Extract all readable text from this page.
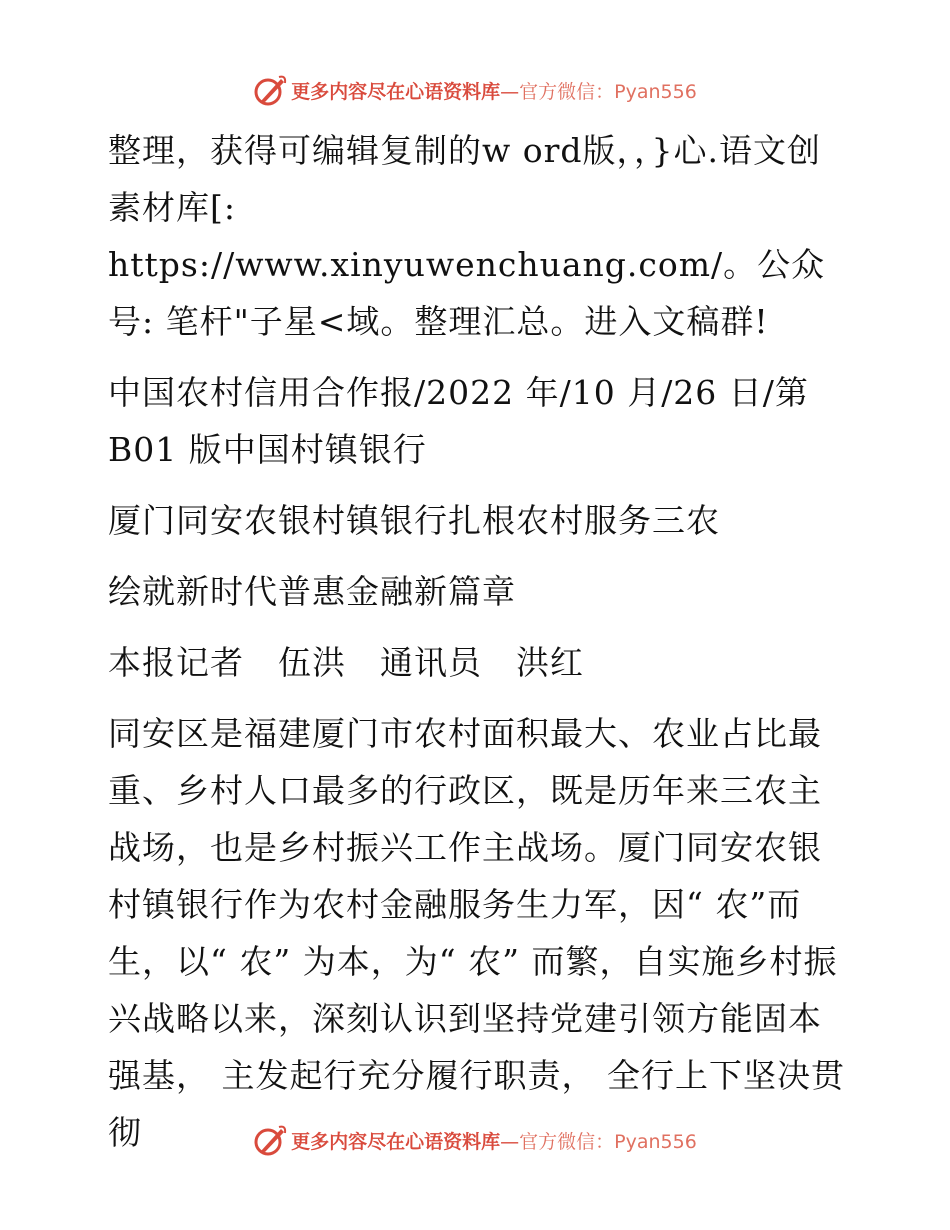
更多内容尽在心语资料库—官方微信：Pyan556

整理，获得可编辑复制的w ord版，，}心.语文创素材库[: https://www.xinyuwenchuang.com/。公众号: 笔杆"子星<域。整理汇总。进入文稿群!

中国农村信用合作报/2022 年/10 月/26 日/第 B01 版中国村镇银行

厦门同安农银村镇银行扎根农村服务三农

绘就新时代普惠金融新篇章

本报记者　伍洪　通讯员　洪红

同安区是福建厦门市农村面积最大、农业占比最重、乡村人口最多的行政区，既是历年来三农主战场，也是乡村振兴工作主战场。厦门同安农银村镇银行作为农村金融服务生力军，因“ 农”而生，以“ 农” 为本，为“ 农” 而繁，自实施乡村振兴战略以来，深刻认识到坚持党建引领方能固本强基， 主发起行充分履行职责， 全行上下坚决贯彻	更多内容尽在心语资料库—官方微信：Pyan556
